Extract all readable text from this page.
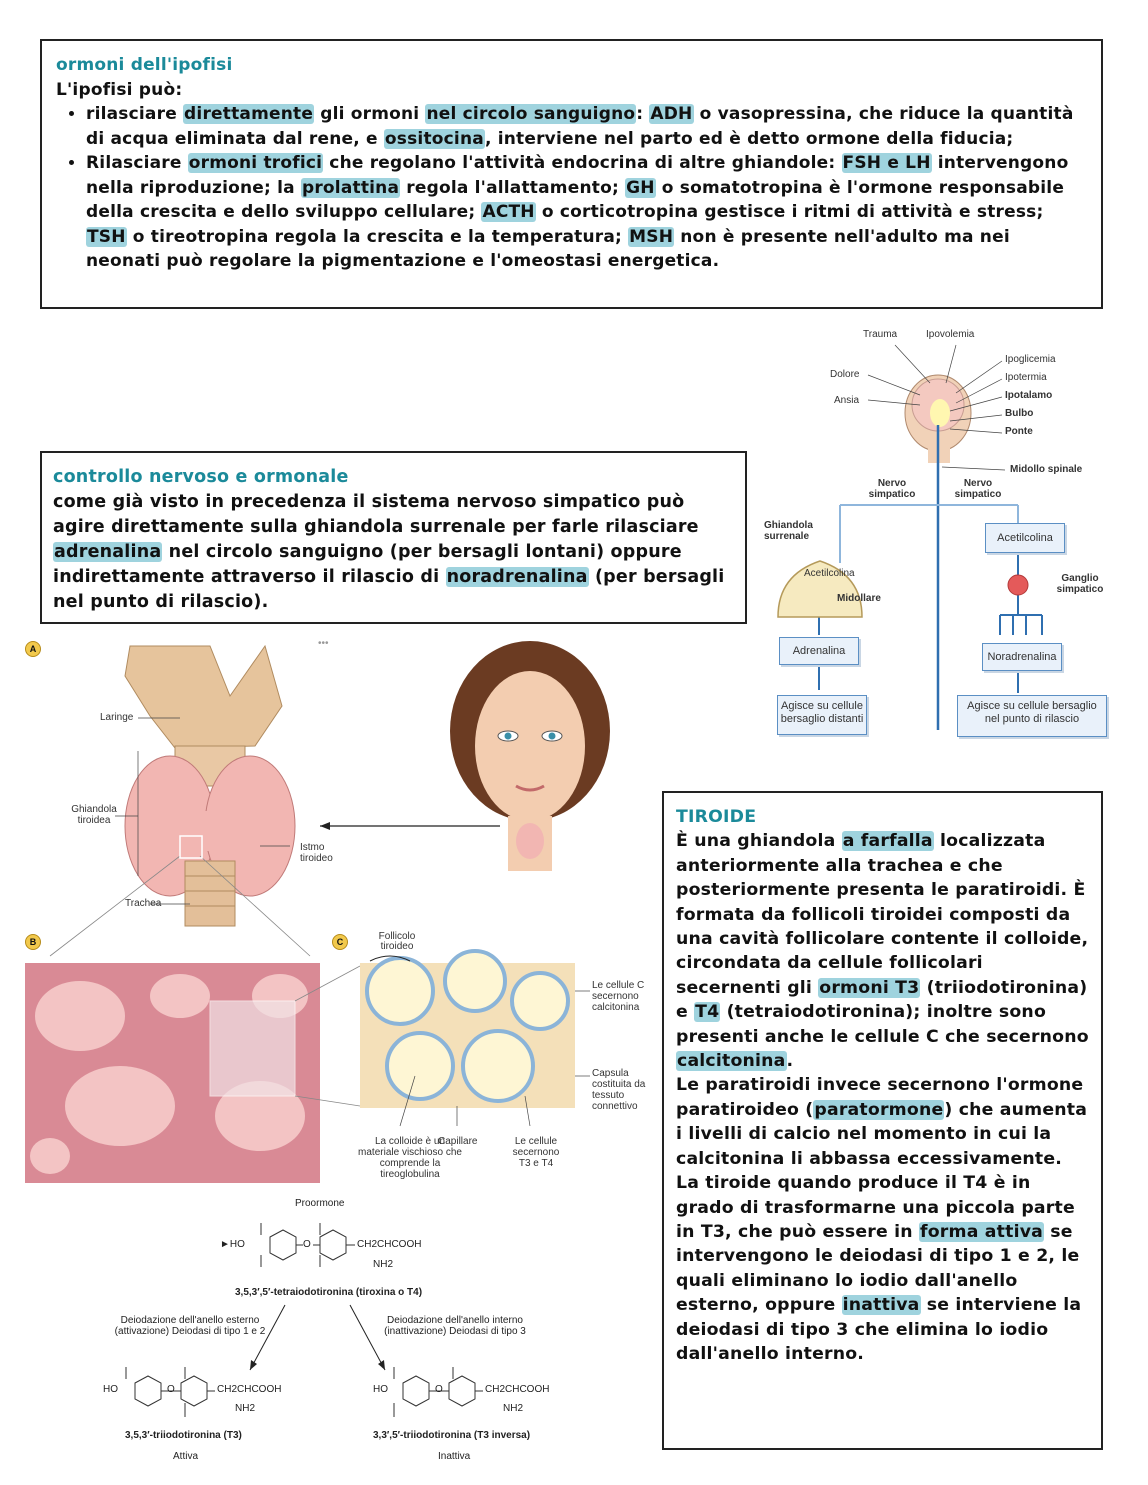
ormoni dell'ipofisi
L'ipofisi può:
• rilasciare direttamente gli ormoni nel circolo sanguigno: ADH o vasopressina, che riduce la quantità di acqua eliminata dal rene, e ossitocina, interviene nel parto ed è detto ormone della fiducia;
• Rilasciare ormoni trofici che regolano l'attività endocrina di altre ghiandole: FSH e LH intervengono nella riproduzione; la prolattina regola l'allattamento; GH o somatotropina è l'ormone responsabile della crescita e dello sviluppo cellulare; ACTH o corticotropina gestisce i ritmi di attività e stress; TSH o tireotropina regola la crescita e la temperatura; MSH non è presente nell'adulto ma nei neonati può regolare la pigmentazione e l'omeostasi energetica.
controllo nervoso e ormonale
come già visto in precedenza il sistema nervoso simpatico può agire direttamente sulla ghiandola surrenale per farle rilasciare adrenalina nel circolo sanguigno (per bersagli lontani) oppure indirettamente attraverso il rilascio di noradrenalina (per bersagli nel punto di rilascio).
TIROIDE
È una ghiandola a farfalla localizzata anteriormente alla trachea e che posteriormente presenta le paratiroidi. È formata da follicoli tiroidei composti da una cavità follicolare contente il colloide, circondata da cellule follicolari secernenti gli ormoni T3 (triiodotironina) e T4 (tetraiodotironina); inoltre sono presenti anche le cellule C che secernono calcitonina.
Le paratiroidi invece secernono l'ormone paratiroideo (paratormone) che aumenta i livelli di calcio nel momento in cui la calcitonina li abbassa eccessivamente.
La tiroide quando produce il T4 è in grado di trasformarne una piccola parte in T3, che può essere in forma attiva se intervengono le deiodasi di tipo 1 e 2, le quali eliminano lo iodio dall'anello esterno, oppure inattiva se interviene la deiodasi di tipo 3 che elimina lo iodio dall'anello interno.
Trauma	Ipovolemia
Dolore
Ansia
Ipoglicemia
Ipotermia
Ipotalamo
Bulbo
Ponte
Midollo spinale
Nervo simpatico
Nervo simpatico
Ghiandola surrenale
Acetilcolina
Midollare
Acetilcolina
Ganglio simpatico
Adrenalina	Noradrenalina
Agisce su cellule bersaglio distanti
Agisce su cellule bersaglio nel punto di rilascio
A	•••
Laringe
Ghiandola tiroidea
Istmo tiroideo
Trachea
B	C	Follicolo tiroideo
Le cellule C secernono calcitonina
Capsula costituita da tessuto connettivo
La colloide è un materiale vischioso che comprende la tireoglobulina
Capillare	Le cellule secernono T3 e T4
Proormone
►HO	O	CH2CHCOOH
NH2
3,5,3′,5′-tetraiodotironina (tiroxina o T4)
Deiodazione dell'anello esterno (attivazione) Deiodasi di tipo 1 e 2
Deiodazione dell'anello interno (inattivazione) Deiodasi di tipo 3
HO	O	CH2CHCOOH
NH2
HO	O	CH2CHCOOH
NH2
3,5,3′-triiodotironina (T3)	3,3′,5′-triiodotironina (T3 inversa)
Attiva	Inattiva
